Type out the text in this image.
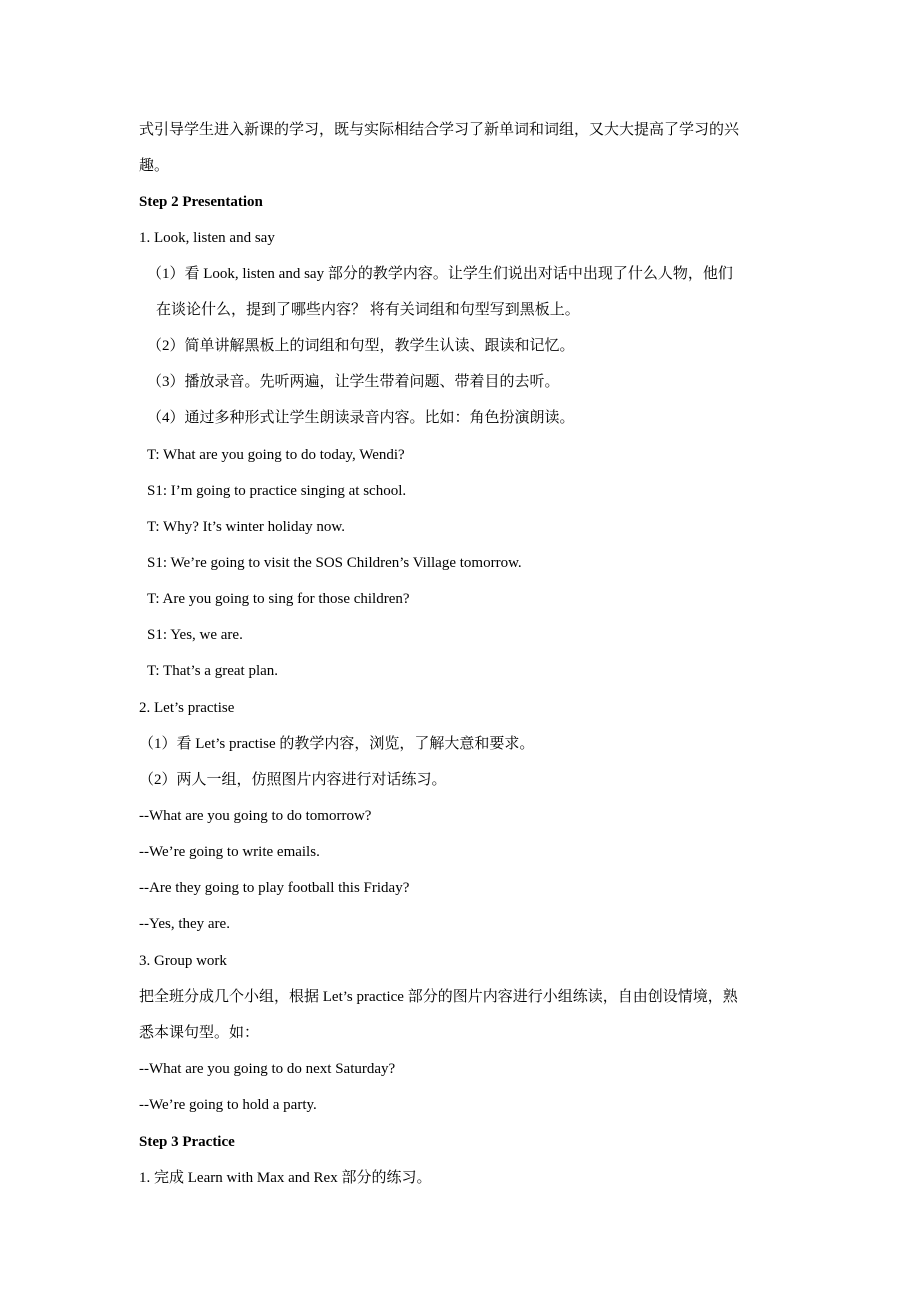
式引导学生进入新课的学习，既与实际相结合学习了新单词和词组，又大大提高了学习的兴
趣。
Step 2 Presentation
1. Look, listen and say
（1）看 Look, listen and say 部分的教学内容。让学生们说出对话中出现了什么人物，他们
在谈论什么，提到了哪些内容？ 将有关词组和句型写到黑板上。
（2）简单讲解黑板上的词组和句型，教学生认读、跟读和记忆。
（3）播放录音。先听两遍，让学生带着问题、带着目的去听。
（4）通过多种形式让学生朗读录音内容。比如：角色扮演朗读。
T: What are you going to do today, Wendi?
S1: I’m going to practice singing at school.
T: Why? It’s winter holiday now.
S1: We’re going to visit the SOS Children’s Village tomorrow.
T: Are you going to sing for those children?
S1: Yes, we are.
T: That’s a great plan.
2. Let’s practise
（1）看 Let’s practise 的教学内容，浏览，了解大意和要求。
（2）两人一组，仿照图片内容进行对话练习。
--What are you going to do tomorrow?
--We’re going to write emails.
--Are they going to play football this Friday?
--Yes, they are.
3. Group work
把全班分成几个小组，根据 Let’s practice 部分的图片内容进行小组练读，自由创设情境，熟
悉本课句型。如：
--What are you going to do next Saturday?
--We’re going to hold a party.
Step 3 Practice
1. 完成 Learn with Max and Rex 部分的练习。
